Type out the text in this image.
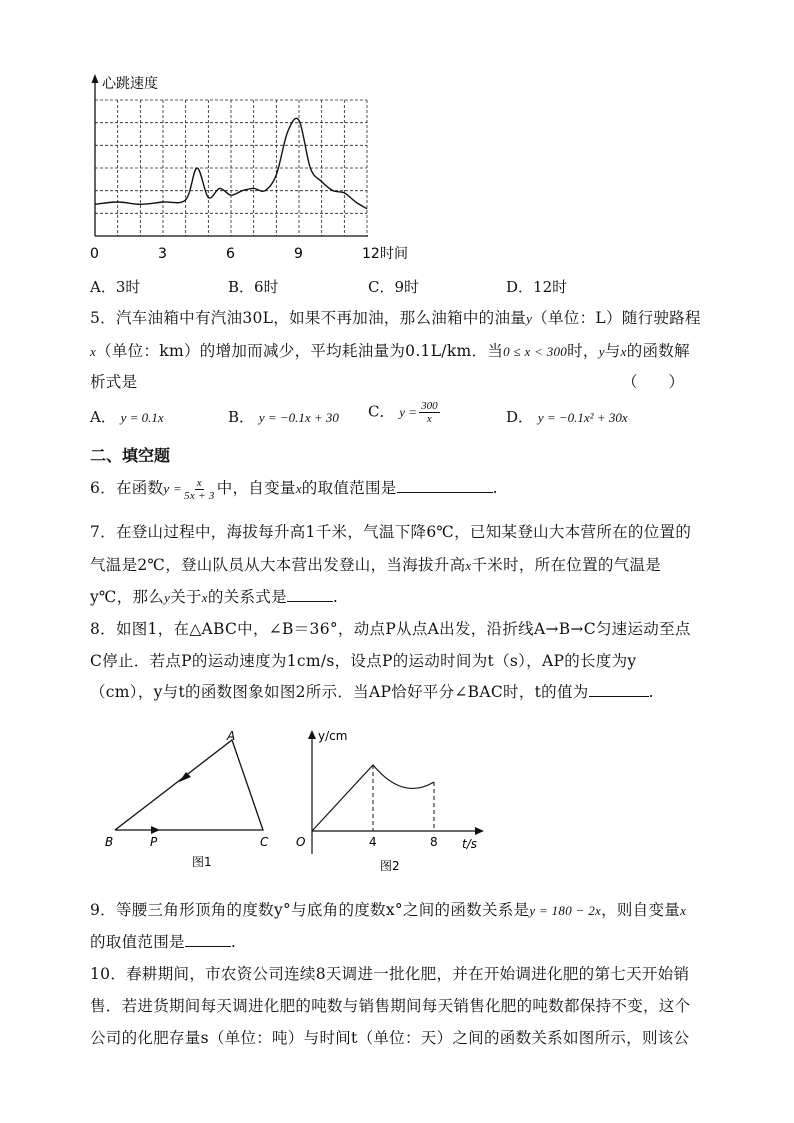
心跳速度
0	3	6	9	12 时间
A．3时	B．6时	C．9时	D．12时
5．汽车油箱中有汽油30L，如果不再加油，那么油箱中的油量y（单位：L）随行驶路程
x（单位：km）的增加而减少，平均耗油量为0.1L/km．当0 ≤ x < 300时，y与x的函数解
析式是	（　　）
A． y = 0.1x	B． y = −0.1x + 30 C． $y = \frac{300}{x}$	D． y = −0.1x² + 30x
二、填空题
6．在函数$y = \frac{x}{5x + 3}$ 中，自变量x的取值范围是	.
7．在登山过程中，海拔每升高1千米，气温下降6℃，已知某登山大本营所在的位置的
气温是2℃，登山队员从大本营出发登山，当海拔升高x千米时，所在位置的气温是
y℃，那么y关于x的关系式是	.
8．如图1，在△ABC中，∠B＝36°，动点P从点A出发，沿折线A→B→C匀速运动至点
C停止．若点P的运动速度为1cm/s，设点P的运动时间为t（s），AP的长度为y
（cm），y与t的函数图象如图2所示．当AP恰好平分∠BAC时，t的值为	.
A
B	C
P
图1
y/cm
t/s
O	4	8
图2
9．等腰三角形顶角的度数y°与底角的度数x°之间的函数关系是y = 180 − 2x，则自变量x
的取值范围是	.
10．春耕期间，市农资公司连续8天调进一批化肥，并在开始调进化肥的第七天开始销
售．若进货期间每天调进化肥的吨数与销售期间每天销售化肥的吨数都保持不变，这个
公司的化肥存量s（单位：吨）与时间t（单位：天）之间的函数关系如图所示，则该公
